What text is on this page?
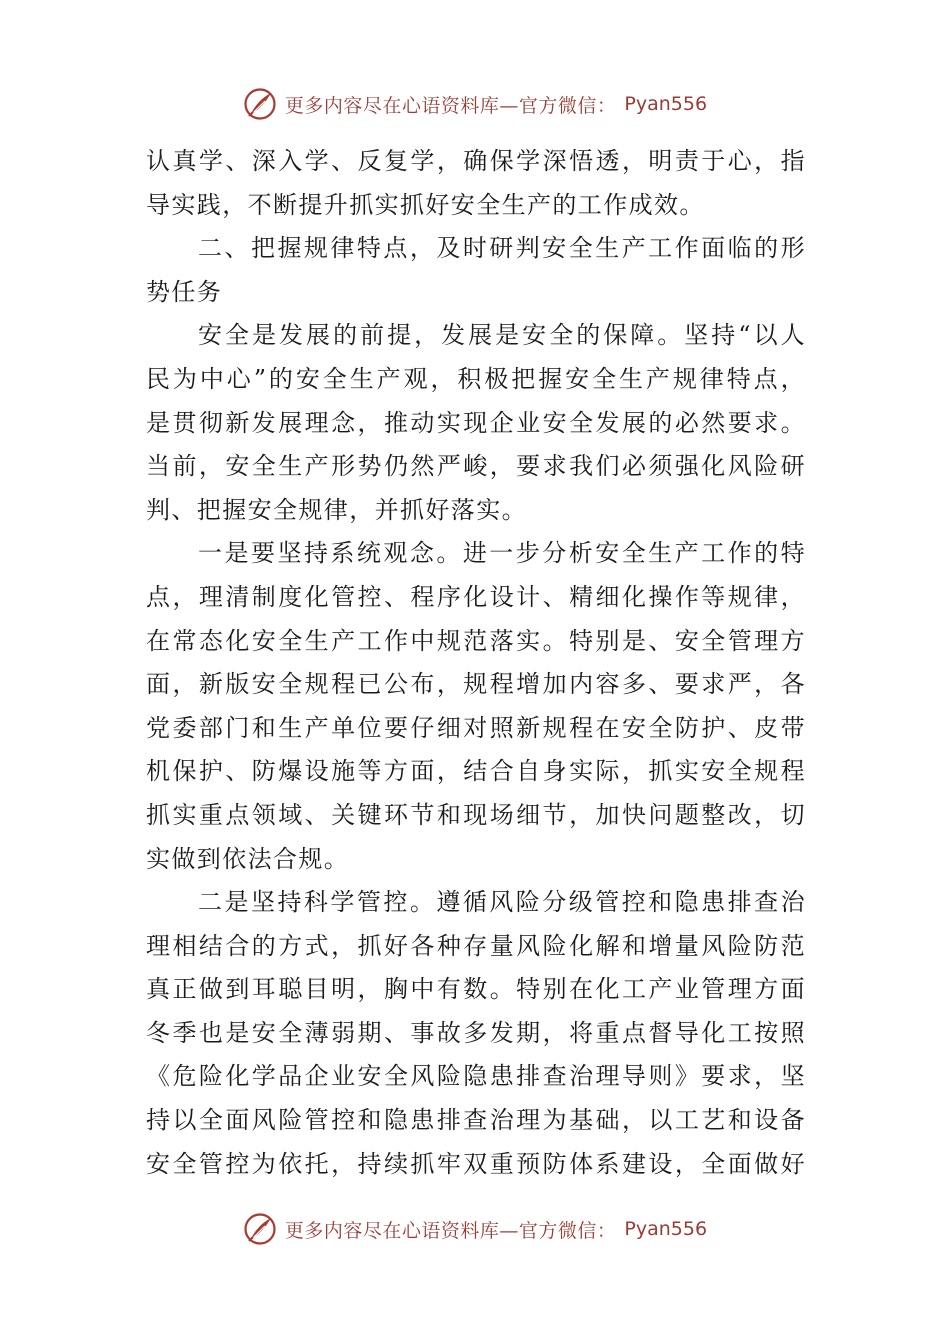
更多内容尽在心语资料库—官方微信： Pyan556
认真学、深入学、反复学，确保学深悟透，明责于心，指
导实践，不断提升抓实抓好安全生产的工作成效。
二、把握规律特点，及时研判安全生产工作面临的形
势任务
安全是发展的前提，发展是安全的保障。坚持“以人
民为中心”的安全生产观，积极把握安全生产规律特点，
是贯彻新发展理念，推动实现企业安全发展的必然要求。
当前，安全生产形势仍然严峻，要求我们必须强化风险研
判、把握安全规律，并抓好落实。
一是要坚持系统观念。进一步分析安全生产工作的特
点，理清制度化管控、程序化设计、精细化操作等规律，
在常态化安全生产工作中规范落实。特别是、安全管理方
面，新版安全规程已公布，规程增加内容多、要求严，各
党委部门和生产单位要仔细对照新规程在安全防护、皮带
机保护、防爆设施等方面，结合自身实际，抓实安全规程
抓实重点领域、关键环节和现场细节，加快问题整改，切
实做到依法合规。
二是坚持科学管控。遵循风险分级管控和隐患排查治
理相结合的方式，抓好各种存量风险化解和增量风险防范
真正做到耳聪目明，胸中有数。特别在化工产业管理方面
冬季也是安全薄弱期、事故多发期，将重点督导化工按照
《危险化学品企业安全风险隐患排查治理导则》要求，坚
持以全面风险管控和隐患排查治理为基础，以工艺和设备
安全管控为依托，持续抓牢双重预防体系建设，全面做好
更多内容尽在心语资料库—官方微信： Pyan556
